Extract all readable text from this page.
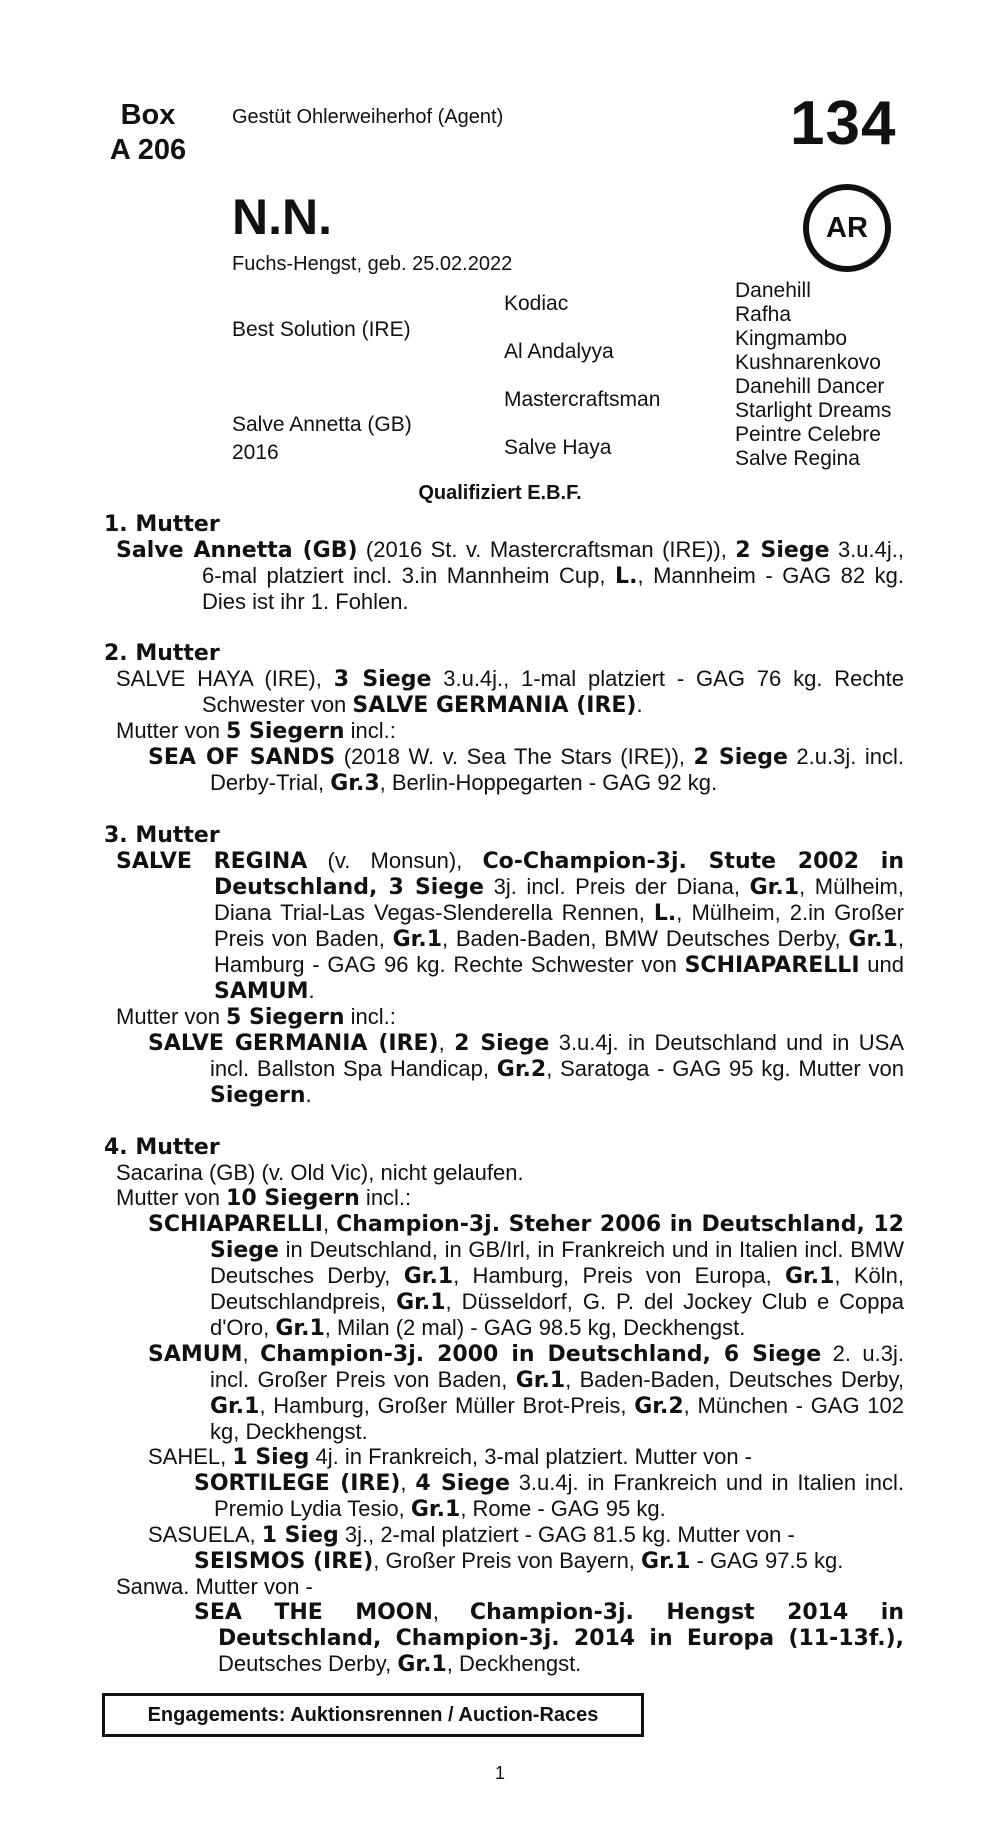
Box
A 206
Gestüt Ohlerweiherhof (Agent)	134
AR
N.N.
Fuchs-Hengst, geb. 25.02.2022
Best Solution (IRE)
Salve Annetta (GB)
2016
Kodiac
Al Andalyya
Mastercraftsman
Salve Haya
Danehill
Rafha
Kingmambo
Kushnarenkovo
Danehill Dancer
Starlight Dreams
Peintre Celebre
Salve Regina
Qualifiziert E.B.F.
1. Mutter
Salve Annetta (GB) (2016 St. v. Mastercraftsman (IRE)), 2 Siege 3.u.4j., 6-mal platziert incl. 3.in Mannheim Cup, L., Mannheim - GAG 82 kg. Dies ist ihr 1. Fohlen.
2. Mutter
SALVE HAYA (IRE), 3 Siege 3.u.4j., 1-mal platziert - GAG 76 kg. Rechte Schwester von SALVE GERMANIA (IRE).
Mutter von 5 Siegern incl.:
SEA OF SANDS (2018 W. v. Sea The Stars (IRE)), 2 Siege 2.u.3j. incl. Derby-Trial, Gr.3, Berlin-Hoppegarten - GAG 92 kg.
3. Mutter
SALVE REGINA (v. Monsun), Co-Champion-3j. Stute 2002 in Deutschland, 3 Siege 3j. incl. Preis der Diana, Gr.1, Mülheim, Diana Trial-Las Vegas-Slenderella Rennen, L., Mülheim, 2.in Großer Preis von Baden, Gr.1, Baden-Baden, BMW Deutsches Derby, Gr.1, Hamburg - GAG 96 kg. Rechte Schwester von SCHIAPARELLI und SAMUM.
Mutter von 5 Siegern incl.:
SALVE GERMANIA (IRE), 2 Siege 3.u.4j. in Deutschland und in USA incl. Ballston Spa Handicap, Gr.2, Saratoga - GAG 95 kg. Mutter von Siegern.
4. Mutter
Sacarina (GB) (v. Old Vic), nicht gelaufen.
Mutter von 10 Siegern incl.:
SCHIAPARELLI, Champion-3j. Steher 2006 in Deutschland, 12 Siege in Deutschland, in GB/Irl, in Frankreich und in Italien incl. BMW Deutsches Derby, Gr.1, Hamburg, Preis von Europa, Gr.1, Köln, Deutschlandpreis, Gr.1, Düsseldorf, G. P. del Jockey Club e Coppa d'Oro, Gr.1, Milan (2 mal) - GAG 98.5 kg, Deckhengst.
SAMUM, Champion-3j. 2000 in Deutschland, 6 Siege 2. u.3j. incl. Großer Preis von Baden, Gr.1, Baden-Baden, Deutsches Derby, Gr.1, Hamburg, Großer Müller Brot-Preis, Gr.2, München - GAG 102 kg, Deckhengst.
SAHEL, 1 Sieg 4j. in Frankreich, 3-mal platziert. Mutter von -
SORTILEGE (IRE), 4 Siege 3.u.4j. in Frankreich und in Italien incl. Premio Lydia Tesio, Gr.1, Rome - GAG 95 kg.
SASUELA, 1 Sieg 3j., 2-mal platziert - GAG 81.5 kg. Mutter von -
SEISMOS (IRE), Großer Preis von Bayern, Gr.1 - GAG 97.5 kg.
Sanwa. Mutter von -
SEA THE MOON, Champion-3j. Hengst 2014 in Deutschland, Champion-3j. 2014 in Europa (11-13f.), Deutsches Derby, Gr.1, Deckhengst.
Engagements: Auktionsrennen / Auction-Races
1
